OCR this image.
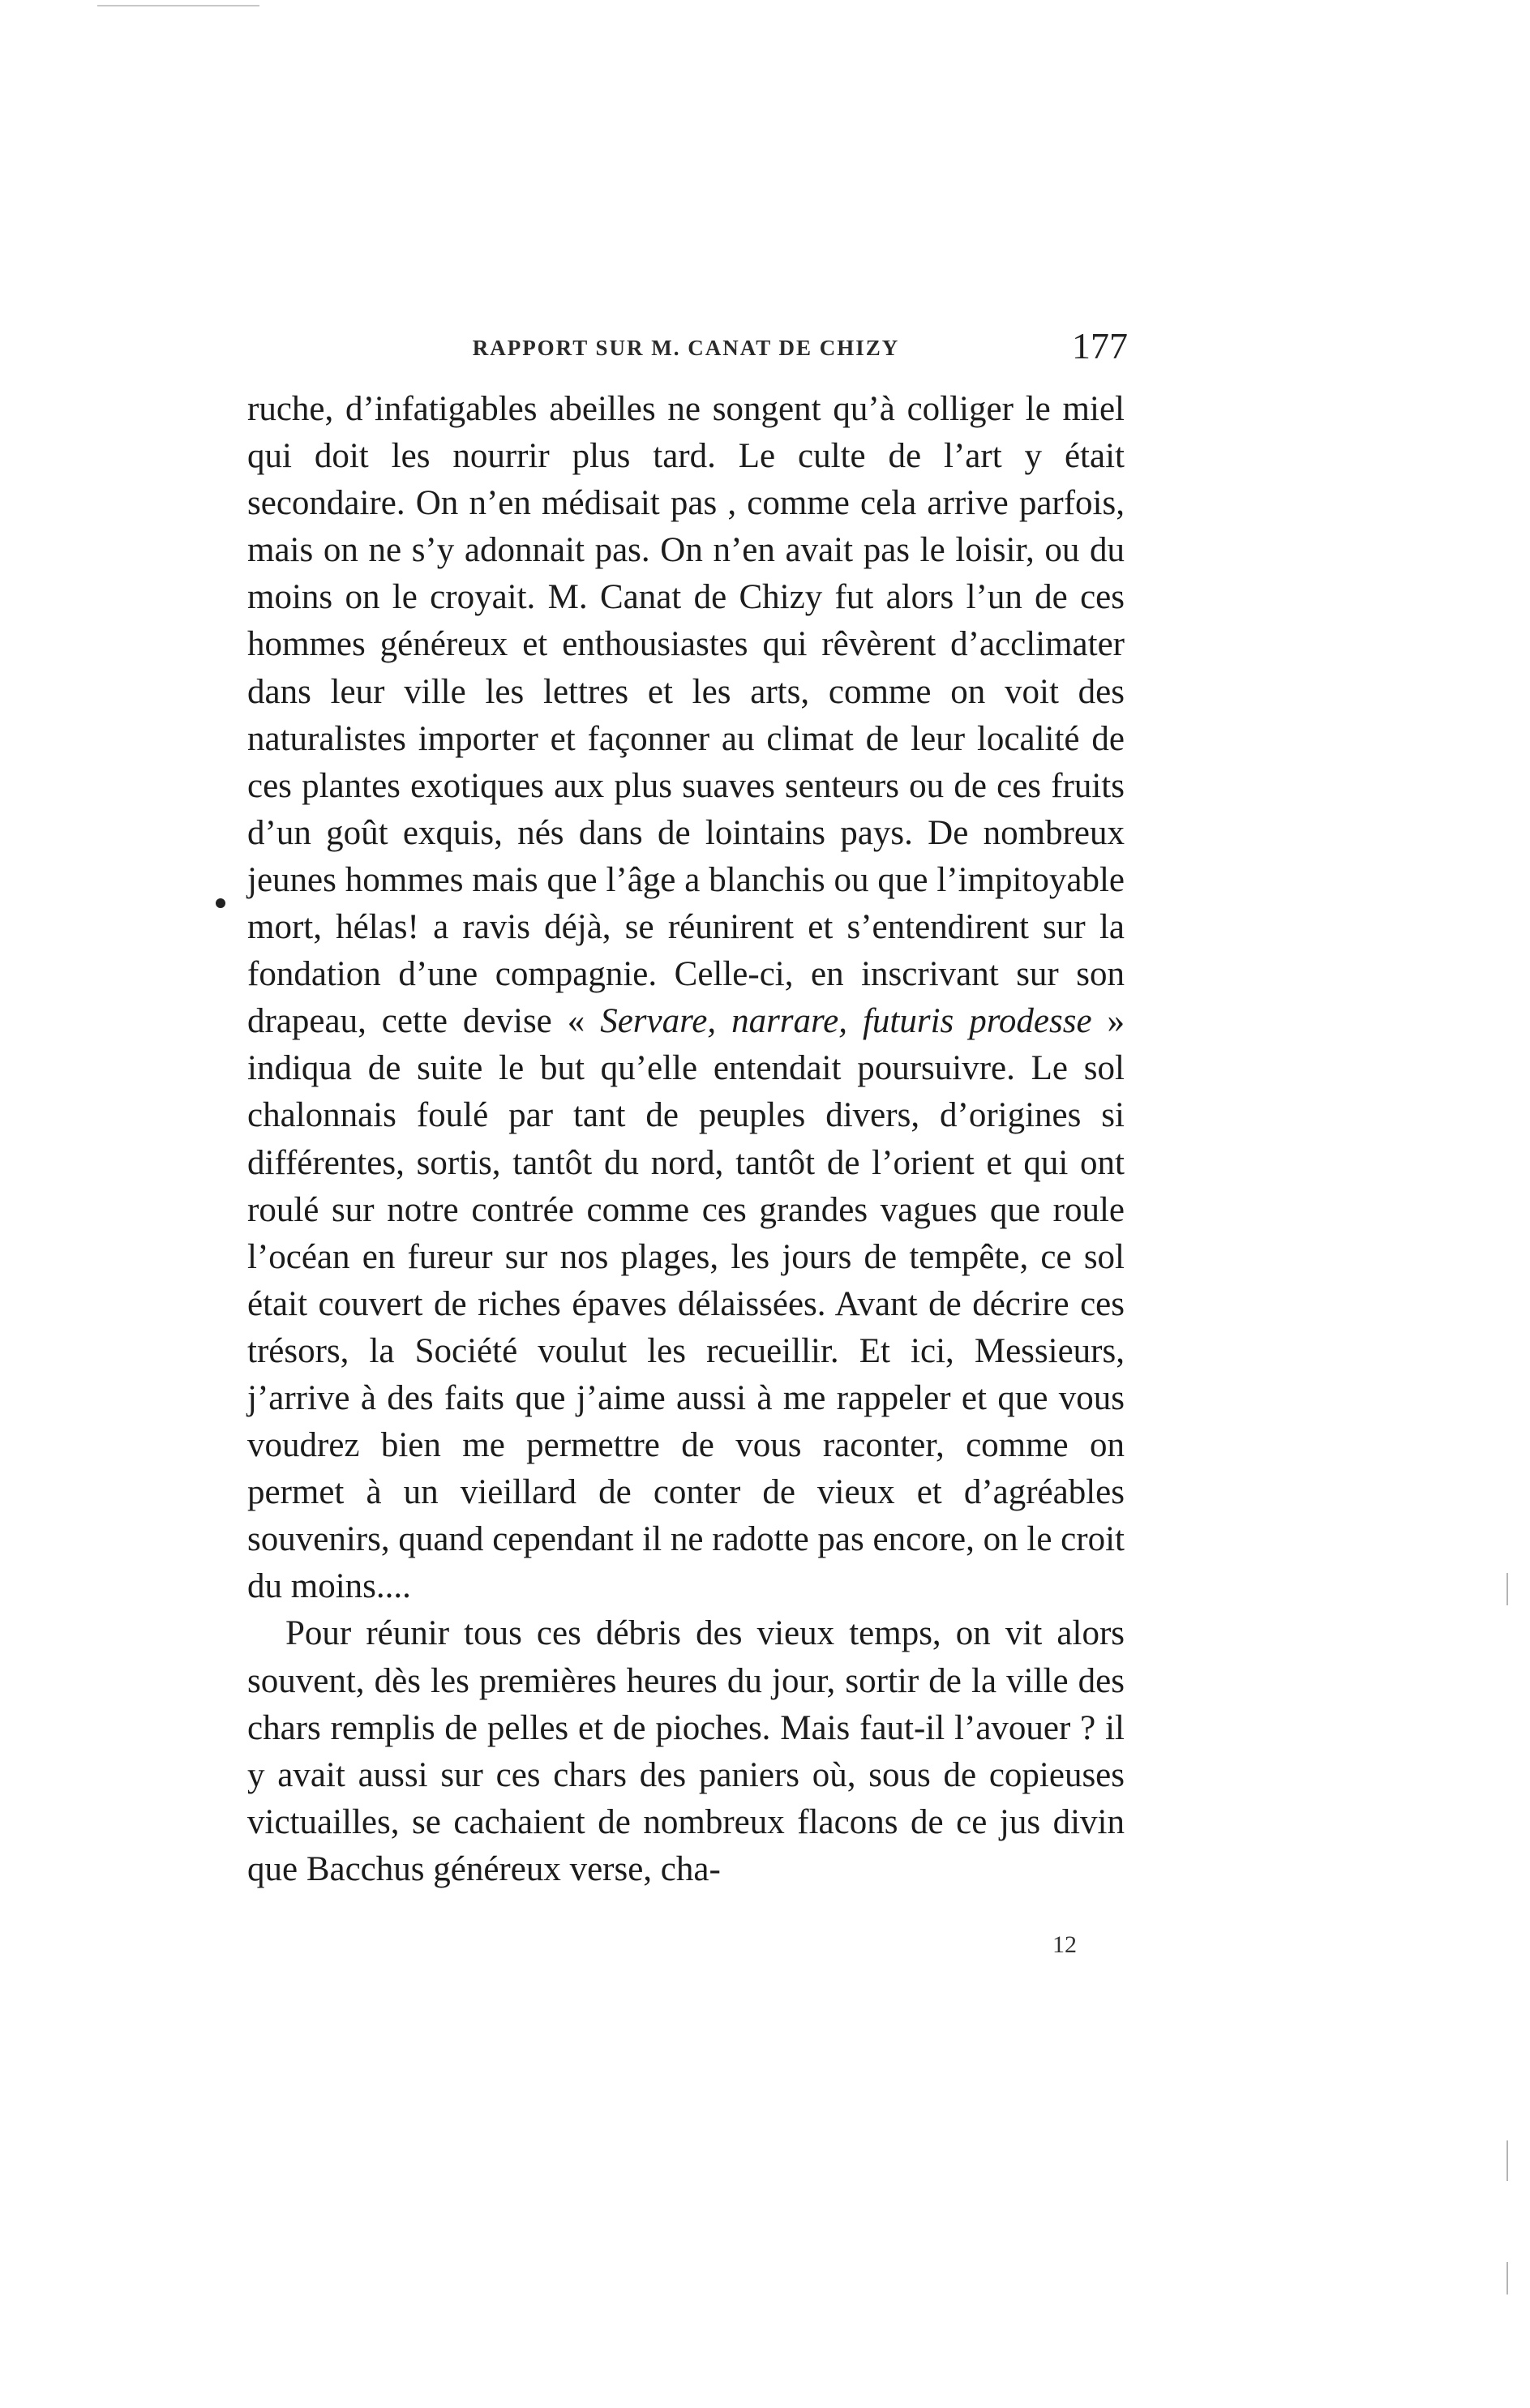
RAPPORT SUR M. CANAT DE CHIZY	177

ruche, d’infatigables abeilles ne songent qu’à colliger le miel qui doit les nourrir plus tard. Le culte de l’art y était secondaire. On n’en médisait pas , comme cela arrive parfois, mais on ne s’y adonnait pas. On n’en avait pas le loisir, ou du moins on le croyait. M. Canat de Chizy fut alors l’un de ces hommes généreux et enthousiastes qui rêvèrent d’acclimater dans leur ville les lettres et les arts, comme on voit des naturalistes importer et façonner au climat de leur localité de ces plantes exotiques aux plus suaves senteurs ou de ces fruits d’un goût exquis, nés dans de lointains pays. De nombreux jeunes hommes mais que l’âge a blanchis ou que l’impitoyable mort, hélas! a ravis déjà, se réunirent et s’entendirent sur la fondation d’une compagnie. Celle-ci, en inscrivant sur son drapeau, cette devise « Servare, narrare, futuris prodesse » indiqua de suite le but qu’elle entendait poursuivre. Le sol chalonnais foulé par tant de peuples divers, d’origines si différentes, sortis, tantôt du nord, tantôt de l’orient et qui ont roulé sur notre contrée comme ces grandes vagues que roule l’océan en fureur sur nos plages, les jours de tempête, ce sol était couvert de riches épaves délaissées. Avant de décrire ces trésors, la Société voulut les recueillir. Et ici, Messieurs, j’arrive à des faits que j’aime aussi à me rappeler et que vous voudrez bien me permettre de vous raconter, comme on permet à un vieillard de conter de vieux et d’agréables souvenirs, quand cependant il ne radotte pas encore, on le croit du moins....

Pour réunir tous ces débris des vieux temps, on vit alors souvent, dès les premières heures du jour, sortir de la ville des chars remplis de pelles et de pioches. Mais faut-il l’avouer ? il y avait aussi sur ces chars des paniers où, sous de copieuses victuailles, se cachaient de nombreux flacons de ce jus divin que Bacchus généreux verse, cha-

12
